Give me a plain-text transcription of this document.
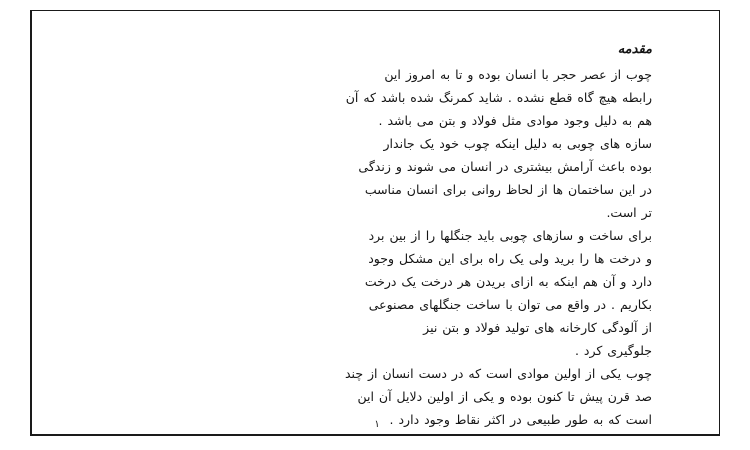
مقدمه
چوب از عصر حجر با انسان بوده و تا به امروز این
رابطه هیچ گاه قطع نشده . شاید کمرنگ شده باشد که آن
هم به دلیل وجود موادی مثل فولاد و بتن می باشد .
سازه های چوبی به دلیل اینکه چوب خود یک جاندار
بوده باعث آرامش بیشتری در انسان می شوند و زندگی
در این ساختمان ها از لحاظ روانی برای انسان مناسب
تر است.
برای ساخت و سازهای چوبی باید جنگلها را از بین برد
و درخت ها را برید ولی یک راه برای این مشکل وجود
دارد و آن هم اینکه به ازای بریدن هر درخت یک درخت
بکاریم . در واقع می توان با ساخت جنگلهای مصنوعی
از آلودگی کارخانه های تولید فولاد و بتن نیز
جلوگیری کرد .
چوب یکی از اولین موادی است که در دست انسان از چند
صد قرن پیش تا کنون بوده و یکی از اولین دلایل آن این
است که به طور طبیعی در اکثر نقاط وجود دارد .
۱
